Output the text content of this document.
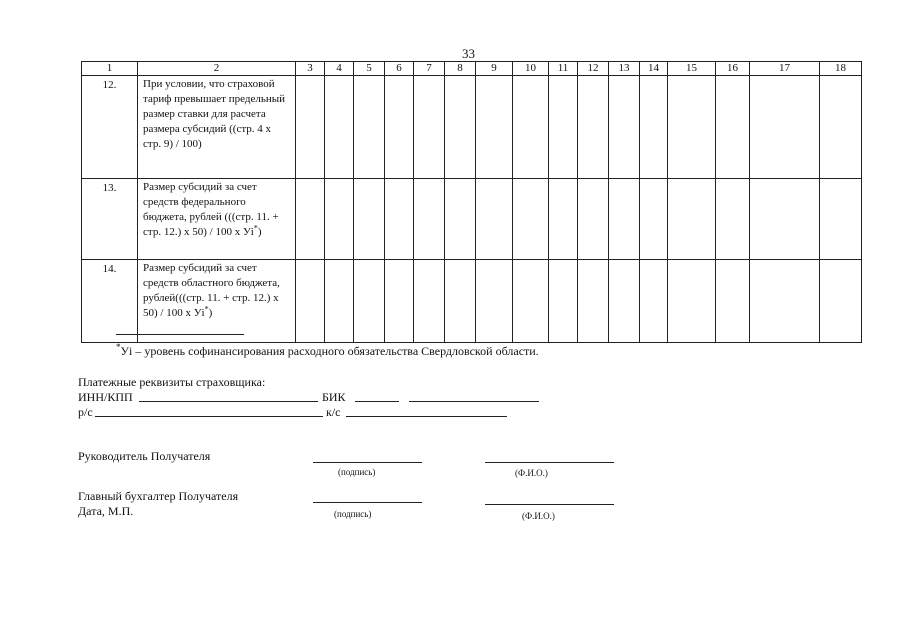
33
1	2	3	4	5	6	7	8	9	10	11	12	13	14	15	16	17	18
12.	При условии, что страховой тариф превышает предельный размер ставки для расчета размера субсидий ((стр. 4 х стр. 9) / 100)																
13.	Размер субсидий за счет средств федерального бюджета, рублей (((стр. 11. + стр. 12.) х 50) / 100 х Уi*)																
14.	Размер субсидий за счет средств областного бюджета, рублей(((стр. 11. + стр. 12.) х 50) / 100 х Уi*)																
*Уi – уровень софинансирования расходного обязательства Свердловской области.
Платежные реквизиты страховщика:
ИНН/КПП	БИК
р/с	к/с
Руководитель Получателя
(подпись)	(Ф.И.О.)
Главный бухгалтер Получателя
Дата, М.П.	(подпись)	(Ф.И.О.)
